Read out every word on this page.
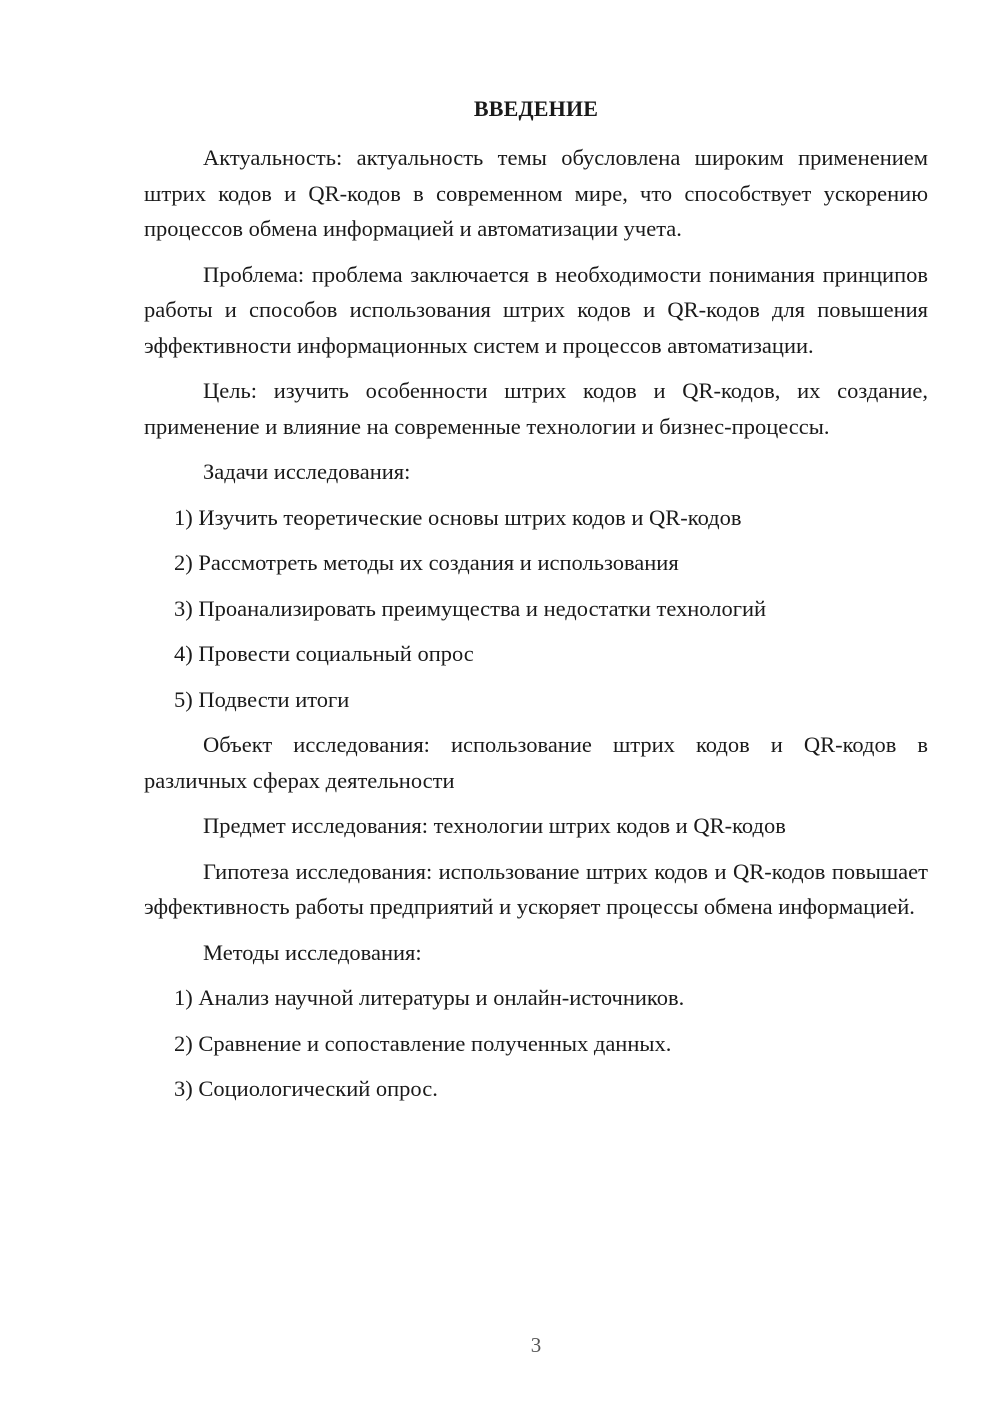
ВВЕДЕНИЕ

Актуальность: актуальность темы обусловлена широким применением штрих кодов и QR-кодов в современном мире, что способствует ускорению процессов обмена информацией и автоматизации учета.

Проблема: проблема заключается в необходимости понимания принципов работы и способов использования штрих кодов и QR-кодов для повышения эффективности информационных систем и процессов автоматизации.

Цель: изучить особенности штрих кодов и QR-кодов, их создание, применение и влияние на современные технологии и бизнес-процессы.

Задачи исследования:

1) Изучить теоретические основы штрих кодов и QR-кодов
2) Рассмотреть методы их создания и использования
3) Проанализировать преимущества и недостатки технологий
4) Провести социальный опрос
5) Подвести итоги

Объект исследования: использование штрих кодов и QR-кодов в различных сферах деятельности

Предмет исследования: технологии штрих кодов и QR-кодов

Гипотеза исследования: использование штрих кодов и QR-кодов повышает эффективность работы предприятий и ускоряет процессы обмена информацией.

Методы исследования:

1) Анализ научной литературы и онлайн-источников.
2) Сравнение и сопоставление полученных данных.
3) Социологический опрос.
3
